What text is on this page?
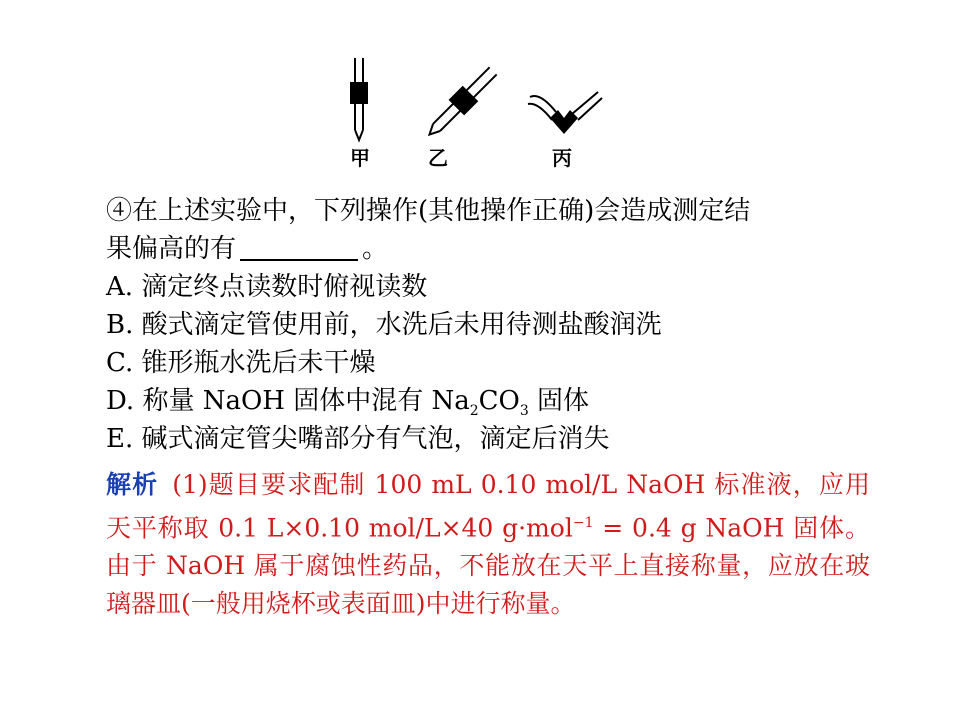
甲	乙	丙
④在上述实验中，下列操作(其他操作正确)会造成测定结
果偏高的有	。
A. 滴定终点读数时俯视读数
B. 酸式滴定管使用前，水洗后未用待测盐酸润洗
C. 锥形瓶水洗后未干燥
D. 称量 NaOH 固体中混有 $Na_2CO_3$ 固体
E. 碱式滴定管尖嘴部分有气泡，滴定后消失
解析 (1)题目要求配制 100 mL 0.10 mol/L NaOH 标准液，应用天平称取 0.1 L×0.10 mol/L×40 g·mol$^{-1}$ = 0.4 g NaOH 固体。由于 NaOH 属于腐蚀性药品，不能放在天平上直接称量，应放在玻璃器皿(一般用烧杯或表面皿)中进行称量。
